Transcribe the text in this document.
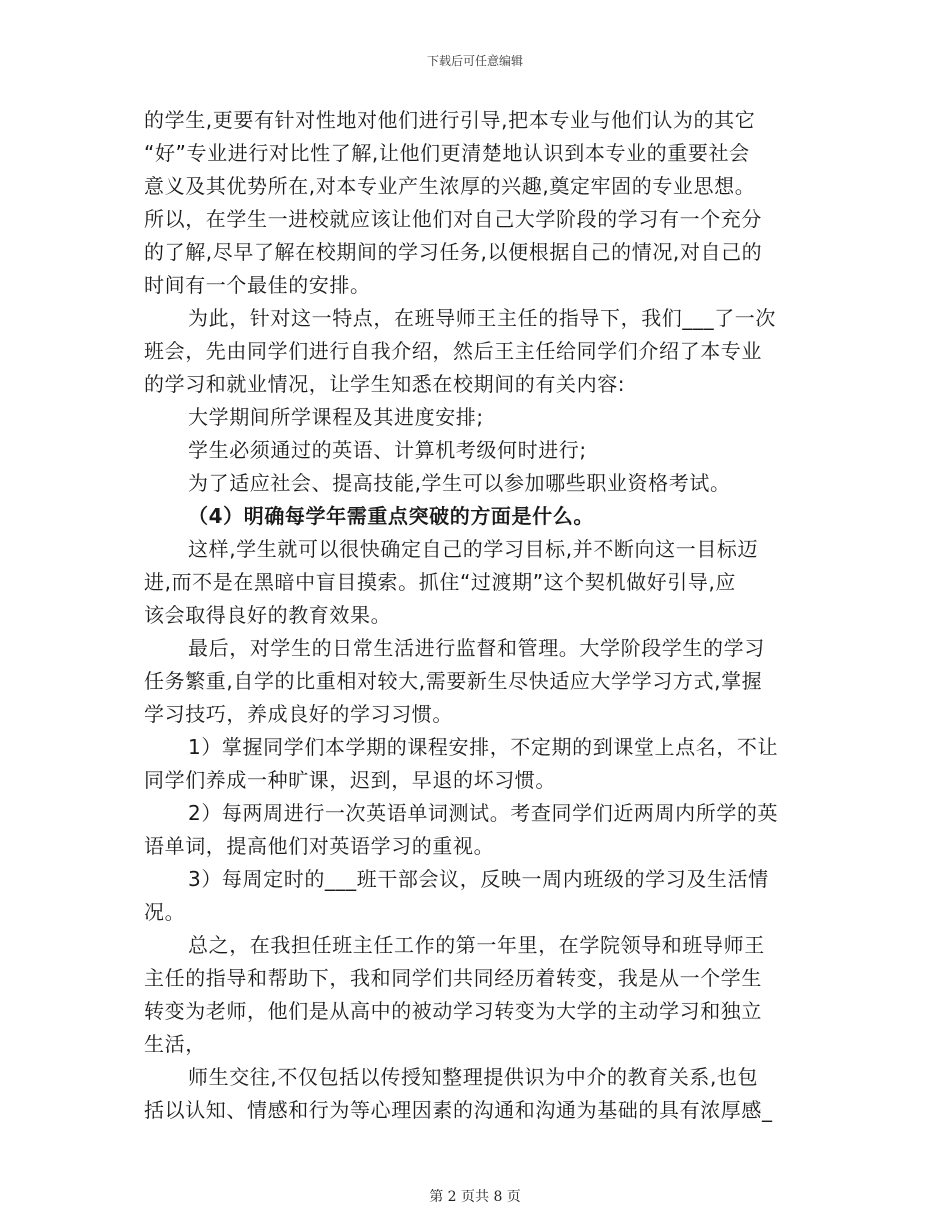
下载后可任意编辑
的学生,更要有针对性地对他们进行引导,把本专业与他们认为的其它
“好”专业进行对比性了解,让他们更清楚地认识到本专业的重要社会
意义及其优势所在,对本专业产生浓厚的兴趣,奠定牢固的专业思想。
所以，在学生一进校就应该让他们对自己大学阶段的学习有一个充分
的了解,尽早了解在校期间的学习任务,以便根据自己的情况,对自己的
时间有一个最佳的安排。
为此，针对这一特点，在班导师王主任的指导下，我们___了一次
班会，先由同学们进行自我介绍，然后王主任给同学们介绍了本专业
的学习和就业情况，让学生知悉在校期间的有关内容:
大学期间所学课程及其进度安排;
学生必须通过的英语、计算机考级何时进行;
为了适应社会、提高技能,学生可以参加哪些职业资格考试。
（4）明确每学年需重点突破的方面是什么。
这样,学生就可以很快确定自己的学习目标,并不断向这一目标迈
进,而不是在黑暗中盲目摸索。抓住“过渡期”这个契机做好引导,应
该会取得良好的教育效果。
最后，对学生的日常生活进行监督和管理。大学阶段学生的学习
任务繁重,自学的比重相对较大,需要新生尽快适应大学学习方式,掌握
学习技巧，养成良好的学习习惯。
1）掌握同学们本学期的课程安排，不定期的到课堂上点名，不让
同学们养成一种旷课，迟到，早退的坏习惯。
2）每两周进行一次英语单词测试。考查同学们近两周内所学的英
语单词，提高他们对英语学习的重视。
3）每周定时的___班干部会议，反映一周内班级的学习及生活情
况。
总之，在我担任班主任工作的第一年里，在学院领导和班导师王
主任的指导和帮助下，我和同学们共同经历着转变，我是从一个学生
转变为老师，他们是从高中的被动学习转变为大学的主动学习和独立
生活，
师生交往,不仅包括以传授知整理提供识为中介的教育关系,也包
括以认知、情感和行为等心理因素的沟通和沟通为基础的具有浓厚感_
第 2 页共 8 页
